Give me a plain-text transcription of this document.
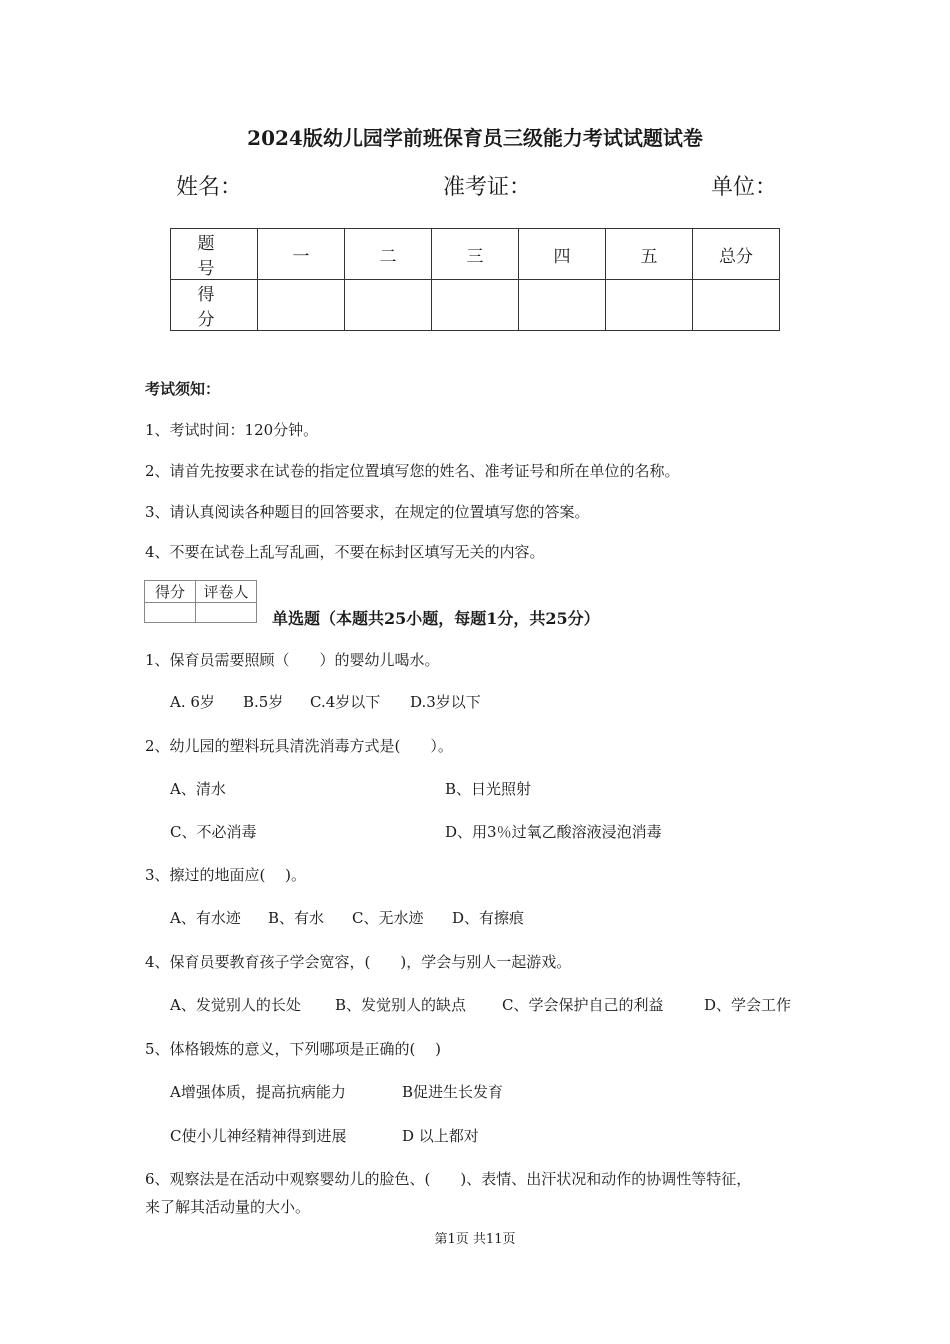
2024版幼儿园学前班保育员三级能力考试试题试卷
姓名：	准考证：	单位：
题 号	一	二	三	四	五	总分
得 分						
考试须知：
1、考试时间：120分钟。
2、请首先按要求在试卷的指定位置填写您的姓名、准考证号和所在单位的名称。
3、请认真阅读各种题目的回答要求，在规定的位置填写您的答案。
4、不要在试卷上乱写乱画，不要在标封区填写无关的内容。
得分	评卷人

单选题（本题共25小题，每题1分，共25分）
1、保育员需要照顾（　　）的婴幼儿喝水。
A. 6岁 B.5岁 C.4岁以下 D.3岁以下
2、幼儿园的塑料玩具清洗消毒方式是(　　）。
A、清水	B、日光照射
C、不必消毒	D、用3％过氧乙酸溶液浸泡消毒
3、擦过的地面应(　 )。
A、有水迹 B、有水 C、无水迹 D、有擦痕
4、保育员要教育孩子学会宽容，(　　)，学会与别人一起游戏。
A、发觉别人的长处 B、发觉别人的缺点 C、学会保护自己的利益	D、学会工作
5、体格锻炼的意义，下列哪项是正确的(　 )
A增强体质，提高抗病能力	B促进生长发育
C使小儿神经精神得到进展	D 以上都对
6、观察法是在活动中观察婴幼儿的脸色、(　　)、表情、出汗状况和动作的协调性等特征，
来了解其活动量的大小。
第1页 共11页
